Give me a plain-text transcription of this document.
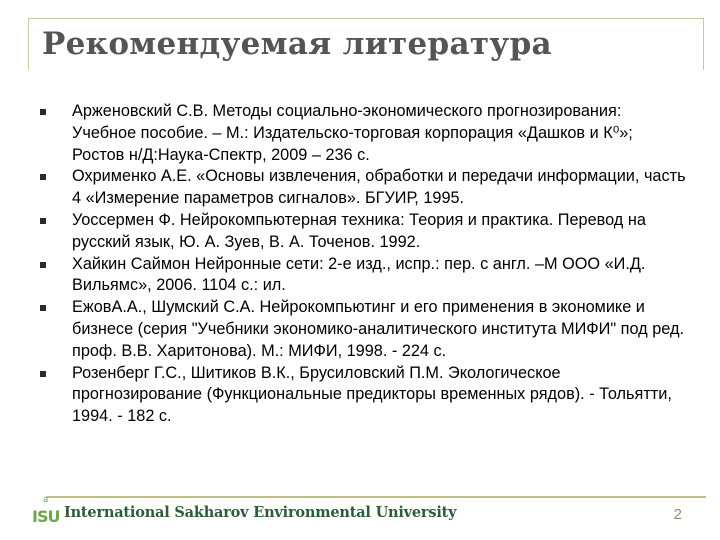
Рекомендуемая литература
Арженовский С.В. Методы социально-экономического прогнозирования: Учебное пособие. – М.: Издательско-торговая корпорация «Дашков и К⁰»; Ростов н/Д:Наука-Спектр, 2009 – 236 с.
Охрименко А.Е. «Основы извлечения, обработки и передачи информации, часть 4 «Измерение параметров сигналов». БГУИР, 1995.
Уоссермен Ф. Нейрокомпьютерная техника: Теория и практика. Перевод на русский язык, Ю. А. Зуев, В. А. Точенов. 1992.
Хайкин Саймон Нейронные сети: 2-е изд., испр.: пер. с англ. –М ООО «И.Д. Вильямс», 2006. 1104 с.: ил.
ЕжовА.А., Шумский С.А. Нейрокомпьютинг и его применения в экономике и бизнесе (серия "Учебники экономико-аналитического института МИФИ" под ред. проф. В.В. Харитонова). М.: МИФИ, 1998. - 224 с.
Розенберг Г.С., Шитиков В.К., Брусиловский П.М. Экологическое прогнозирование (Функциональные предикторы временных рядов). - Тольятти, 1994. - 182 с.
a
ISU International Sakharov Environmental University	2
